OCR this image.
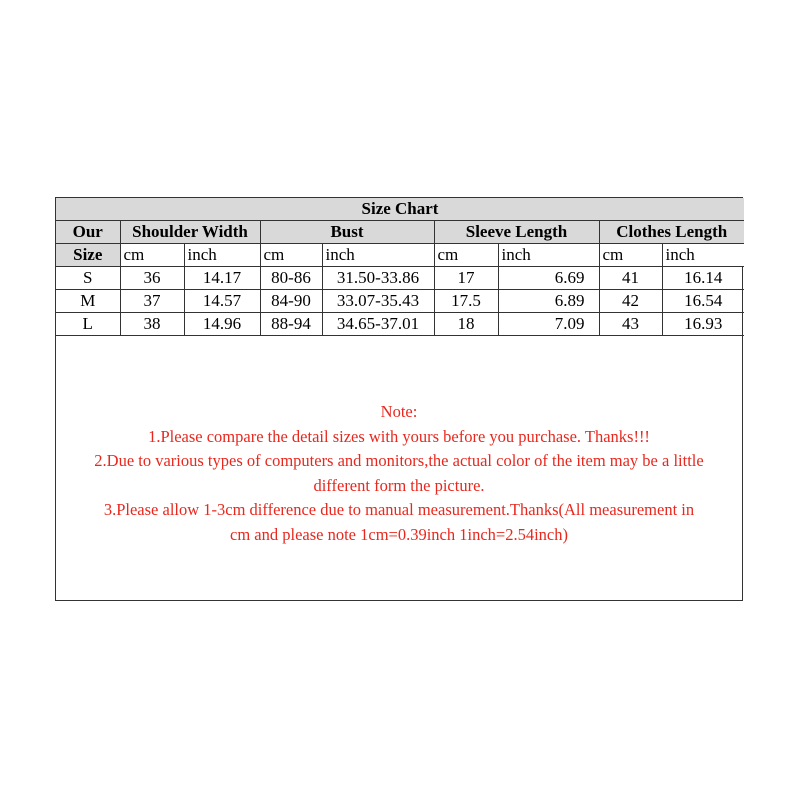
Size Chart								
Our	Shoulder Width		Bust		Sleeve Length		Clothes Length	
Size	cm	inch	cm	inch	cm	inch	cm	inch
S	36	14.17	80-86	31.50-33.86	17	6.69	41	16.14
M	37	14.57	84-90	33.07-35.43	17.5	6.89	42	16.54
L	38	14.96	88-94	34.65-37.01	18	7.09	43	16.93
Note:
1.Please compare the detail sizes with yours before you purchase. Thanks!!!
2.Due to various types of computers and monitors,the actual color of the item may be a little
different form the picture.
3.Please allow 1-3cm difference due to manual measurement.Thanks(All measurement in
cm and please note 1cm=0.39inch 1inch=2.54inch)
